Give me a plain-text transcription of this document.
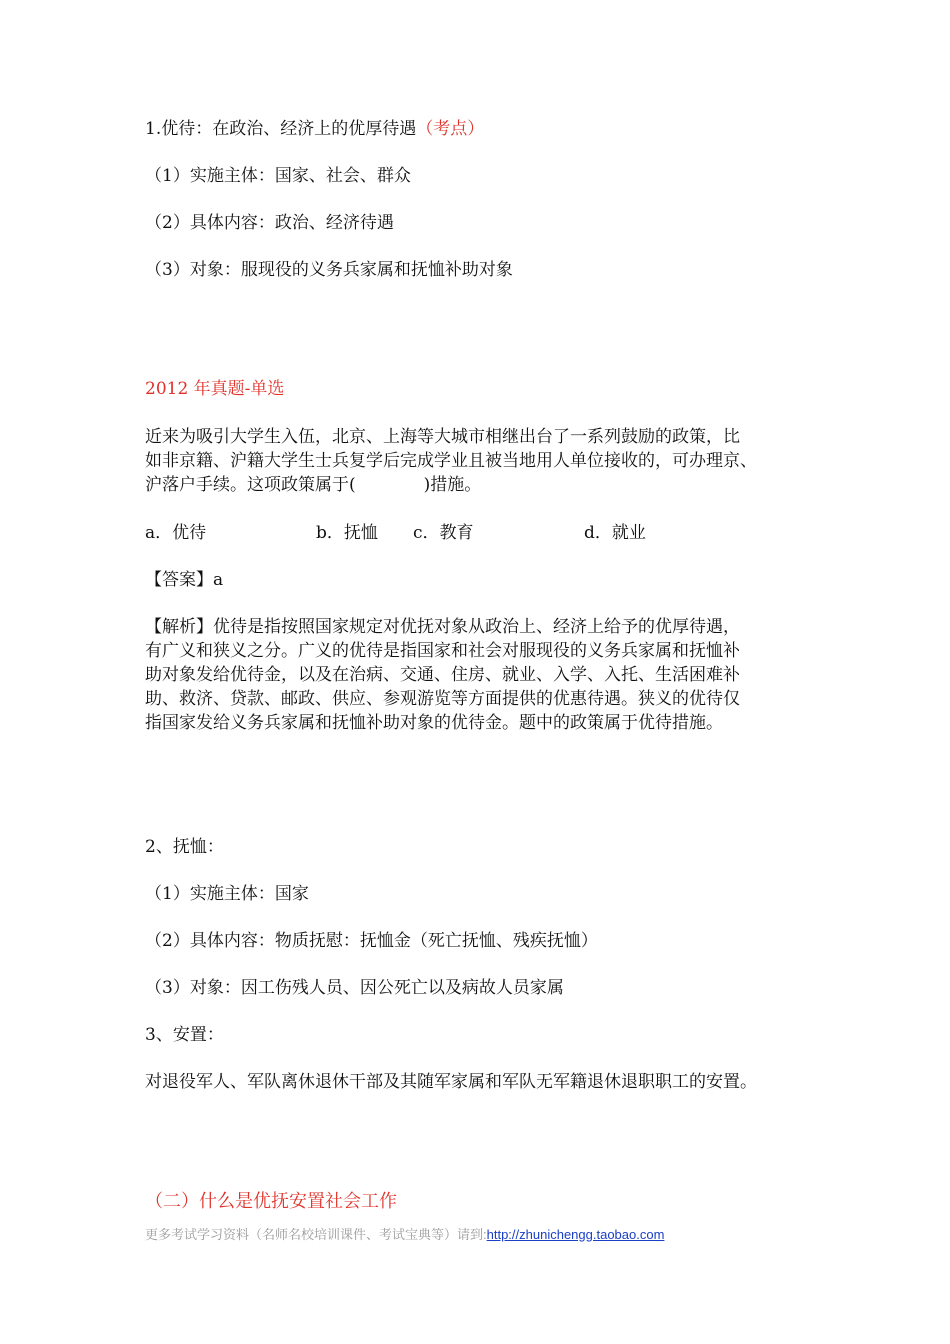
1.优待：在政治、经济上的优厚待遇（考点）

（1）实施主体：国家、社会、群众

（2）具体内容：政治、经济待遇

（3）对象：服现役的义务兵家属和抚恤补助对象

2012 年真题-单选

近来为吸引大学生入伍，北京、上海等大城市相继出台了一系列鼓励的政策，比
如非京籍、沪籍大学生士兵复学后完成学业且被当地用人单位接收的，可办理京、
沪落户手续。这项政策属于(　　　　)措施。
a．优待	b．抚恤 c．教育	d．就业

【答案】a

【解析】优待是指按照国家规定对优抚对象从政治上、经济上给予的优厚待遇，
有广义和狭义之分。广义的优待是指国家和社会对服现役的义务兵家属和抚恤补
助对象发给优待金，以及在治病、交通、住房、就业、入学、入托、生活困难补
助、救济、贷款、邮政、供应、参观游览等方面提供的优惠待遇。狭义的优待仅
指国家发给义务兵家属和抚恤补助对象的优待金。题中的政策属于优待措施。

2、抚恤：

（1）实施主体：国家

（2）具体内容：物质抚慰：抚恤金（死亡抚恤、残疾抚恤）

（3）对象：因工伤残人员、因公死亡以及病故人员家属

3、安置：

对退役军人、军队离休退休干部及其随军家属和军队无军籍退休退职职工的安置。

（二）什么是优抚安置社会工作
更多考试学习资料（名师名校培训课件、考试宝典等）请到:http://zhunichengg.taobao.com
